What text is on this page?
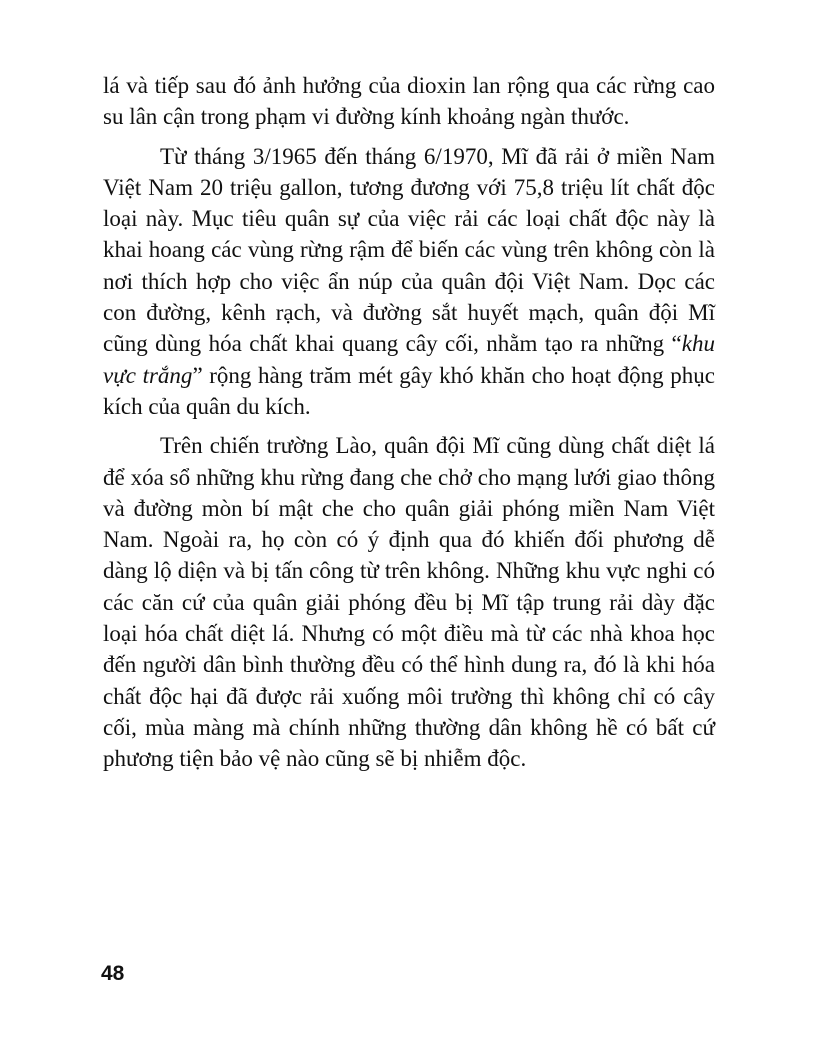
lá và tiếp sau đó ảnh hưởng của dioxin lan rộng qua các rừng cao su lân cận trong phạm vi đường kính khoảng ngàn thước.

Từ tháng 3/1965 đến tháng 6/1970, Mĩ đã rải ở miền Nam Việt Nam 20 triệu gallon, tương đương với 75,8 triệu lít chất độc loại này. Mục tiêu quân sự của việc rải các loại chất độc này là khai hoang các vùng rừng rậm để biến các vùng trên không còn là nơi thích hợp cho việc ẩn núp của quân đội Việt Nam. Dọc các con đường, kênh rạch, và đường sắt huyết mạch, quân đội Mĩ cũng dùng hóa chất khai quang cây cối, nhằm tạo ra những “khu vực trắng” rộng hàng trăm mét gây khó khăn cho hoạt động phục kích của quân du kích.

Trên chiến trường Lào, quân đội Mĩ cũng dùng chất diệt lá để xóa sổ những khu rừng đang che chở cho mạng lưới giao thông và đường mòn bí mật che cho quân giải phóng miền Nam Việt Nam. Ngoài ra, họ còn có ý định qua đó khiến đối phương dễ dàng lộ diện và bị tấn công từ trên không. Những khu vực nghi có các căn cứ của quân giải phóng đều bị Mĩ tập trung rải dày đặc loại hóa chất diệt lá. Nhưng có một điều mà từ các nhà khoa học đến người dân bình thường đều có thể hình dung ra, đó là khi hóa chất độc hại đã được rải xuống môi trường thì không chỉ có cây cối, mùa màng mà chính những thường dân không hề có bất cứ phương tiện bảo vệ nào cũng sẽ bị nhiễm độc.

48
